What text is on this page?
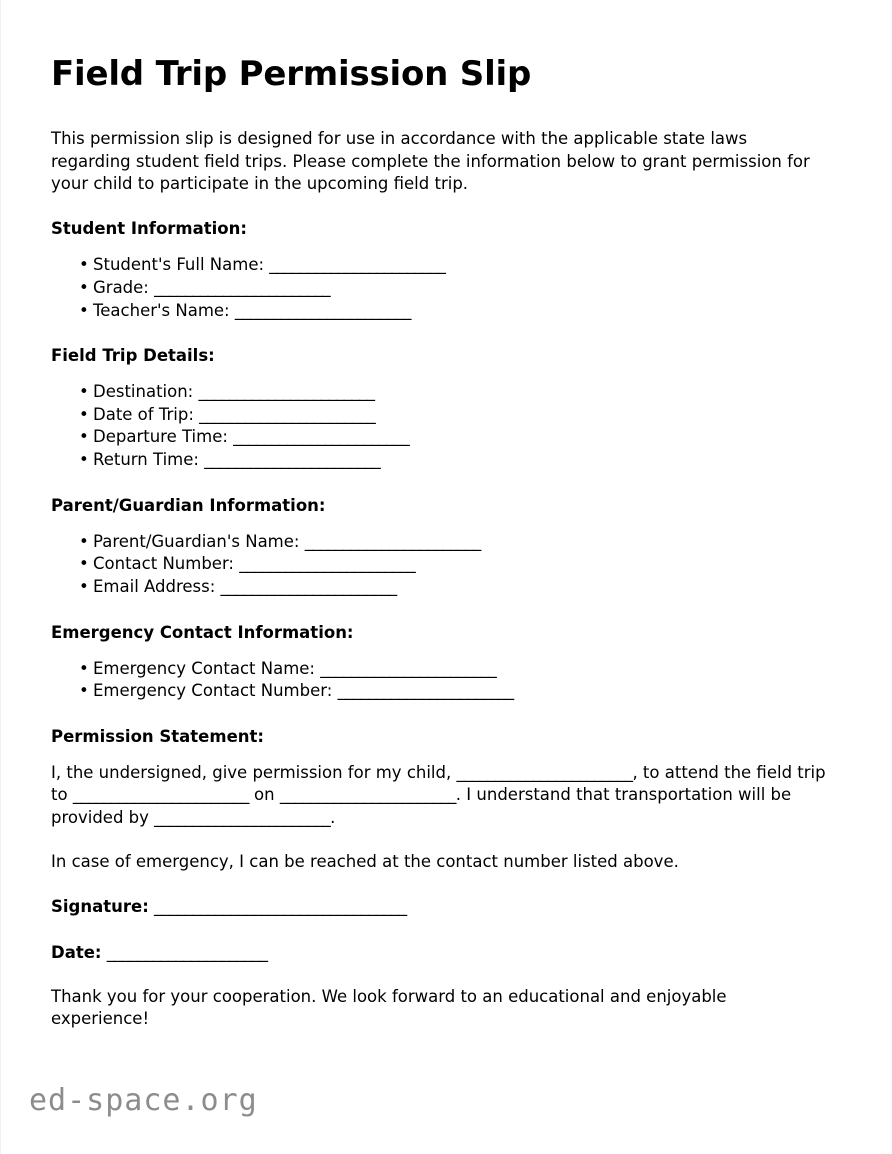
Field Trip Permission Slip

This permission slip is designed for use in accordance with the applicable state laws regarding student field trips. Please complete the information below to grant permission for your child to participate in the upcoming field trip.

Student Information:
• Student's Full Name: _______________________
• Grade: _______________________
• Teacher's Name: _______________________
Field Trip Details:
• Destination: _______________________
• Date of Trip: _______________________
• Departure Time: _______________________
• Return Time: _______________________
Parent/Guardian Information:
• Parent/Guardian's Name: _______________________
• Contact Number: _______________________
• Email Address: _______________________
Emergency Contact Information:
• Emergency Contact Name: _______________________
• Emergency Contact Number: _______________________
Permission Statement:

I, the undersigned, give permission for my child, _______________________, to attend the field trip to _______________________ on _______________________. I understand that transportation will be provided by _______________________.

In case of emergency, I can be reached at the contact number listed above.

Signature: _________________________________

Date: _____________________

Thank you for your cooperation. We look forward to an educational and enjoyable experience!

ed-space.org
